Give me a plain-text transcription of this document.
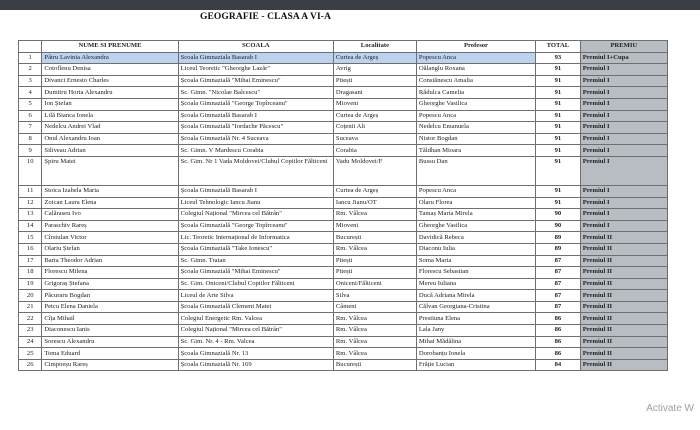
GEOGRAFIE - CLASA A VI-A
	NUME SI PRENUME	SCOALA	Localitate	Profesor	TOTAL	PREMIU
1	Pâtru Lavinia Alexandra	Scoala Gimnaziala Basarab I	Curtea de Argeș	Popescu Anca	93	Premiul I+Cupa
2	Cotoflenu Denisa	Liceul Teoretic "Gheorghe Lazăr"	Avrig	Oălanglu Roxana	91	Premiul I
3	Divanci Ernesto Charles	Școala Gimnazială "Mihai Eminescu"	Pitești	Constănescu Amalia	91	Premiul I
4	Dumitru Horia Alexandru	Sc. Gimn. "Nicolae Balcescu"	Dragasani	Rădulca Camelia	91	Premiul I
5	Ion Ștefan	Școala Gimnazială "George Topîrceanu"	Mioveni	Gheorghe Vasilica	91	Premiul I
6	Lilă Bianca Ionela	Școala Gimnazială Basarab I	Curtea de Argeș	Popescu Anca	91	Premiul I
7	Nedelcu Andrei Vlad	Școala Gimnazială "Iordache Păcescu"	Coțenii Ali	Nedelcu Emanuela	91	Premiul I
8	Onul Alexandru Ioan	Școala Gimnazială Nr. 4 Suceava	Suceava	Nistor Bogdan	91	Premiul I
9	Siliveau Adrian	Sc. Gimn. V Mardescu Corabia	Corabia	Tăldhan Mioara	91	Premiul I
10	Șpiru Matei	Sc. Gim. Nr 1 Vada Moldovei/Clubul Copiilor Fălticeni	Vadu Moldovei/F	Bussu Dan	91	Premiul I
11	Stoica Izabela Maria	Școala Gimnazială Basarab I	Curtea de Argeș	Popescu Anca	91	Premiul I
12	Zoican Laura Elena	Liceul Tehnologic Iancu Jianu	Iancu Jianu/OT	Olaru Florea	91	Premiul I
13	Calăraseu Ivo	Colegiul Național "Mircea cel Bătrân"	Rm. Vâlcea	Tamaș Maria Mirela	90	Premiul I
14	Paraschiv Rareș	Școala Gimnazială "George Topîrceanu"	Mioveni	Gheorghe Vasilica	90	Premiul I
15	Cîrstulan Victor	Lic. Teoretic Internațional de Informatica	București	Davidică Rebeca	89	Premiul II
16	Olariu Ștefan	Școala Gimnazială "Take Ionescu"	Rm. Vâlcea	Diaconu Iulia	89	Premiul II
17	Barta Theodor Adrian	Sc. Gimn. Traian	Pitești	Soma Maria	87	Premiul II
18	Florescu Milena	Școala Gimnazială "Mihai Eminescu"	Pitești	Florescu Sebastian	87	Premiul II
19	Grigoraș Ștefana	Sc. Gim. Oniceni/Clubul Copiilor Fălticeni	Oniceni/Fălticeni	Mereu Iuliana	87	Premiul II
20	Păcuraru Bogdan	Liceul de Arte Silva	Silva	Ducă Adriana Mirela	87	Premiul II
21	Petcu Elena Daniela	Școala Gimnazială Clement Matei	Câmeni	Călvan Georgiana-Cristina	87	Premiul II
22	Cîța Mihail	Colegiul Energetic Rm. Valcea	Rm. Vâlcea	Prestiuna Elena	86	Premiul II
23	Diaconescu Ianis	Colegiul Național "Mircea cel Bătrân"	Rm. Vâlcea	Lala Jany	86	Premiul II
24	Sorescu Alexandru	Sc. Gim. Nr. 4 - Rm. Valcea	Rm. Vâlcea	Mihai Mădălina	86	Premiul II
25	Toma Eduard	Școala Gimnazială Nr. 13	Rm. Vâlcea	Dorobanțu Ionela	86	Premiul II
26	Cimpoeșu Rareș	Școala Gimnazială Nr. 169	București	Frăție Lucian	84	Premiul II
Activate W
